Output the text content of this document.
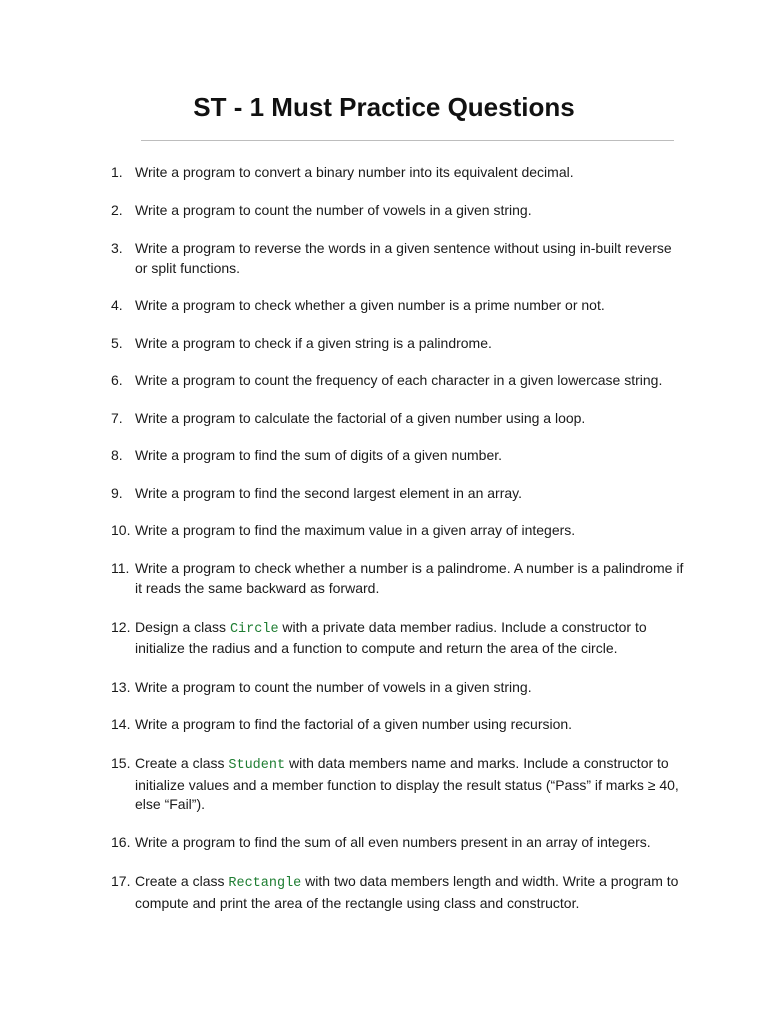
ST - 1 Must Practice Questions
1. Write a program to convert a binary number into its equivalent decimal.
2. Write a program to count the number of vowels in a given string.
3. Write a program to reverse the words in a given sentence without using in-built reverse or split functions.
4. Write a program to check whether a given number is a prime number or not.
5. Write a program to check if a given string is a palindrome.
6. Write a program to count the frequency of each character in a given lowercase string.
7. Write a program to calculate the factorial of a given number using a loop.
8. Write a program to find the sum of digits of a given number.
9. Write a program to find the second largest element in an array.
10. Write a program to find the maximum value in a given array of integers.
11. Write a program to check whether a number is a palindrome. A number is a palindrome if it reads the same backward as forward.
12. Design a class Circle with a private data member radius. Include a constructor to initialize the radius and a function to compute and return the area of the circle.
13. Write a program to count the number of vowels in a given string.
14. Write a program to find the factorial of a given number using recursion.
15. Create a class Student with data members name and marks. Include a constructor to initialize values and a member function to display the result status (“Pass” if marks ≥ 40, else “Fail”).
16. Write a program to find the sum of all even numbers present in an array of integers.
17. Create a class Rectangle with two data members length and width. Write a program to compute and print the area of the rectangle using class and constructor.
